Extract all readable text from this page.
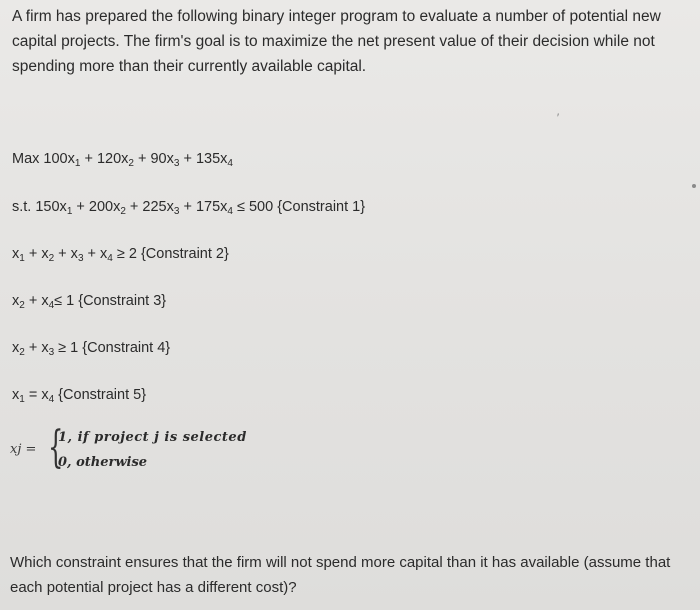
A firm has prepared the following binary integer program to evaluate a number of potential new capital projects. The firm's goal is to maximize the net present value of their decision while not spending more than their currently available capital.

′

Max $100x_1 + 120x_2 + 90x_3 + 135x_4$

s.t. $150x_1 + 200x_2 + 225x_3 + 175x_4 \le 500$ {Constraint 1}

$x_1 + x_2 + x_3 + x_4 \ge 2$ {Constraint 2}

$x_2 + x_4\le 1$ {Constraint 3}

$x_2 + x_3 \ge 1$ {Constraint 4}

$x_1 = x_4$ {Constraint 5}

xj = {
1, if project j is selected
0, otherwise

Which constraint ensures that the firm will not spend more capital than it has available (assume that each potential project has a different cost)?
